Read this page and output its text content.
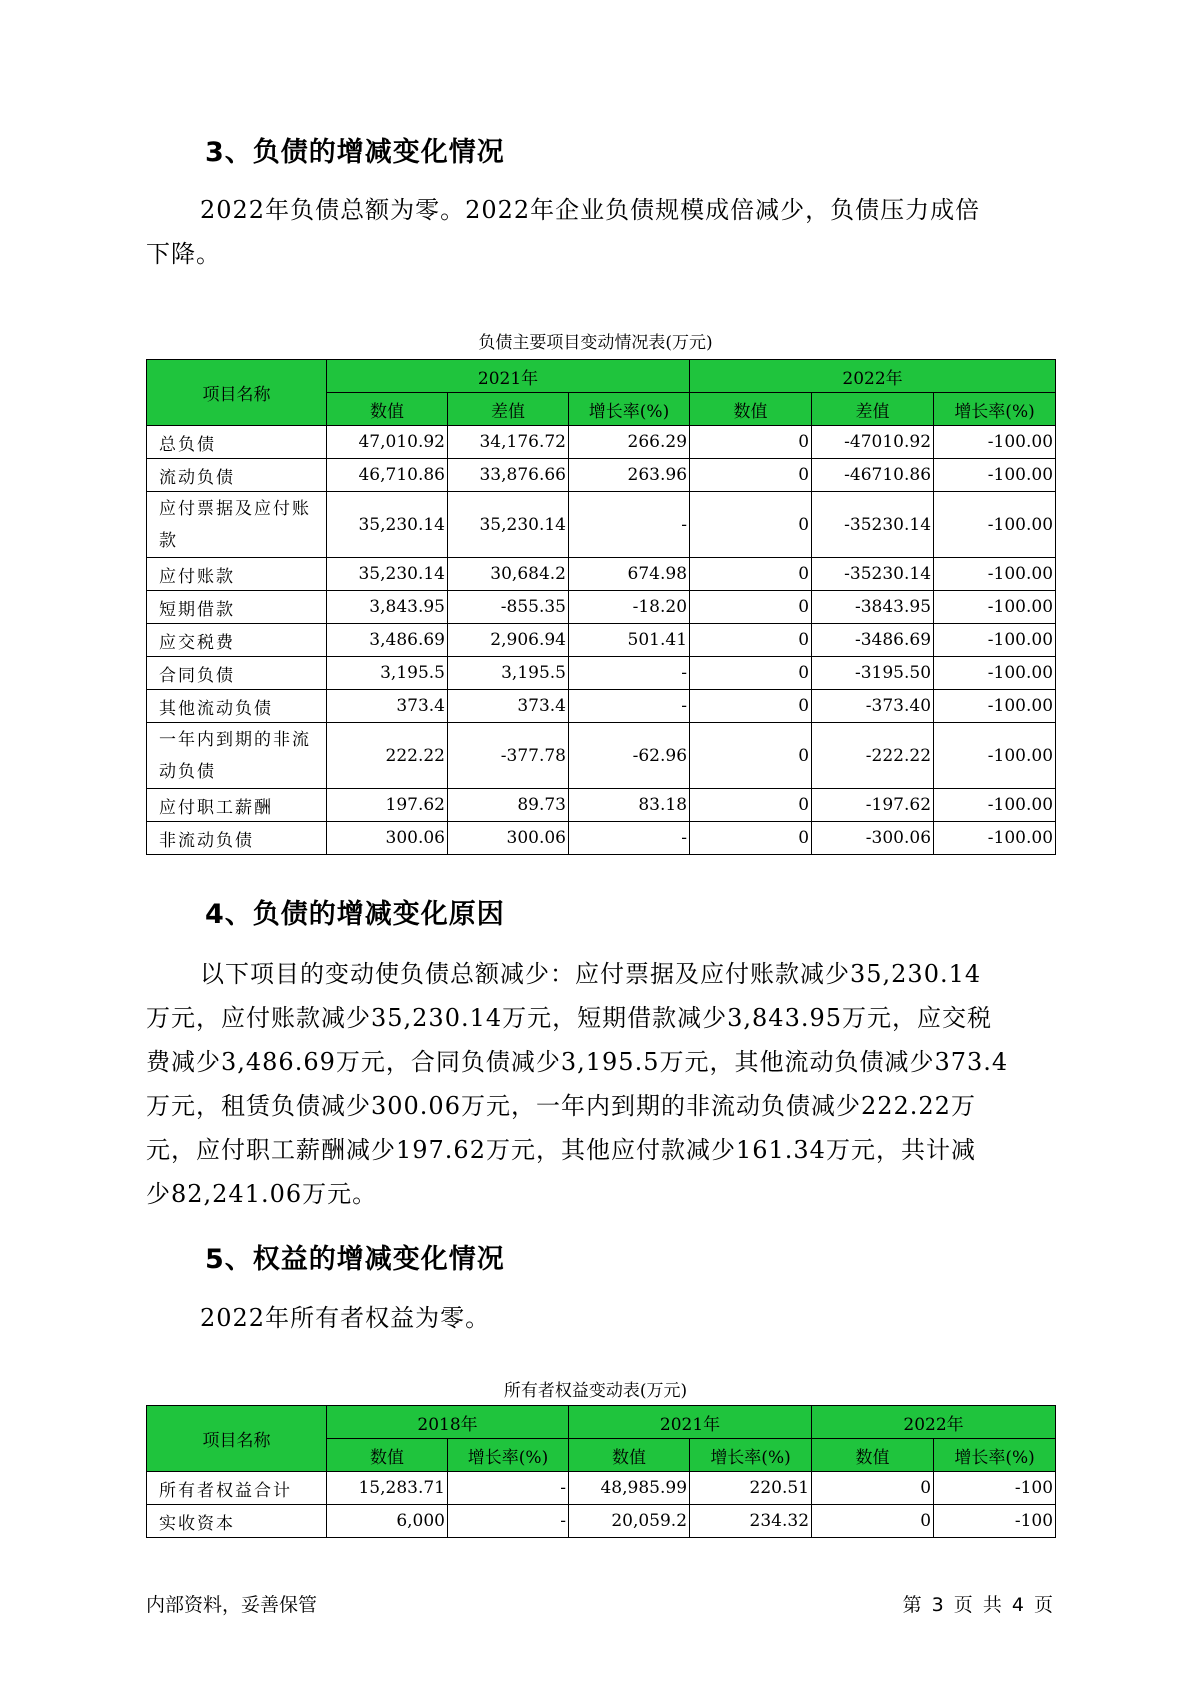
3、负债的增减变化情况
2022年负债总额为零。2022年企业负债规模成倍减少，负债压力成倍
下降。
负债主要项目变动情况表(万元)
项目名称	2021年			2022年		
	数值	差值	增长率(%)	数值	差值	增长率(%)
总负债	47,010.92	34,176.72	266.29	0	-47010.92	-100.00
流动负债	46,710.86	33,876.66	263.96	0	-46710.86	-100.00
应付票据及应付账款	35,230.14	35,230.14	-	0	-35230.14	-100.00
应付账款	35,230.14	30,684.2	674.98	0	-35230.14	-100.00
短期借款	3,843.95	-855.35	-18.20	0	-3843.95	-100.00
应交税费	3,486.69	2,906.94	501.41	0	-3486.69	-100.00
合同负债	3,195.5	3,195.5	-	0	-3195.50	-100.00
其他流动负债	373.4	373.4	-	0	-373.40	-100.00
一年内到期的非流动负债	222.22	-377.78	-62.96	0	-222.22	-100.00
应付职工薪酬	197.62	89.73	83.18	0	-197.62	-100.00
非流动负债	300.06	300.06	-	0	-300.06	-100.00
4、负债的增减变化原因
以下项目的变动使负债总额减少：应付票据及应付账款减少35,230.14
万元，应付账款减少35,230.14万元，短期借款减少3,843.95万元，应交税
费减少3,486.69万元，合同负债减少3,195.5万元，其他流动负债减少373.4
万元，租赁负债减少300.06万元，一年内到期的非流动负债减少222.22万
元，应付职工薪酬减少197.62万元，其他应付款减少161.34万元，共计减
少82,241.06万元。
5、权益的增减变化情况
2022年所有者权益为零。
所有者权益变动表(万元)
项目名称	2018年		2021年		2022年	
	数值	增长率(%)	数值	增长率(%)	数值	增长率(%)
所有者权益合计	15,283.71	-	48,985.99	220.51	0	-100
实收资本	6,000	-	20,059.2	234.32	0	-100
内部资料，妥善保管	第 3 页 共 4 页
